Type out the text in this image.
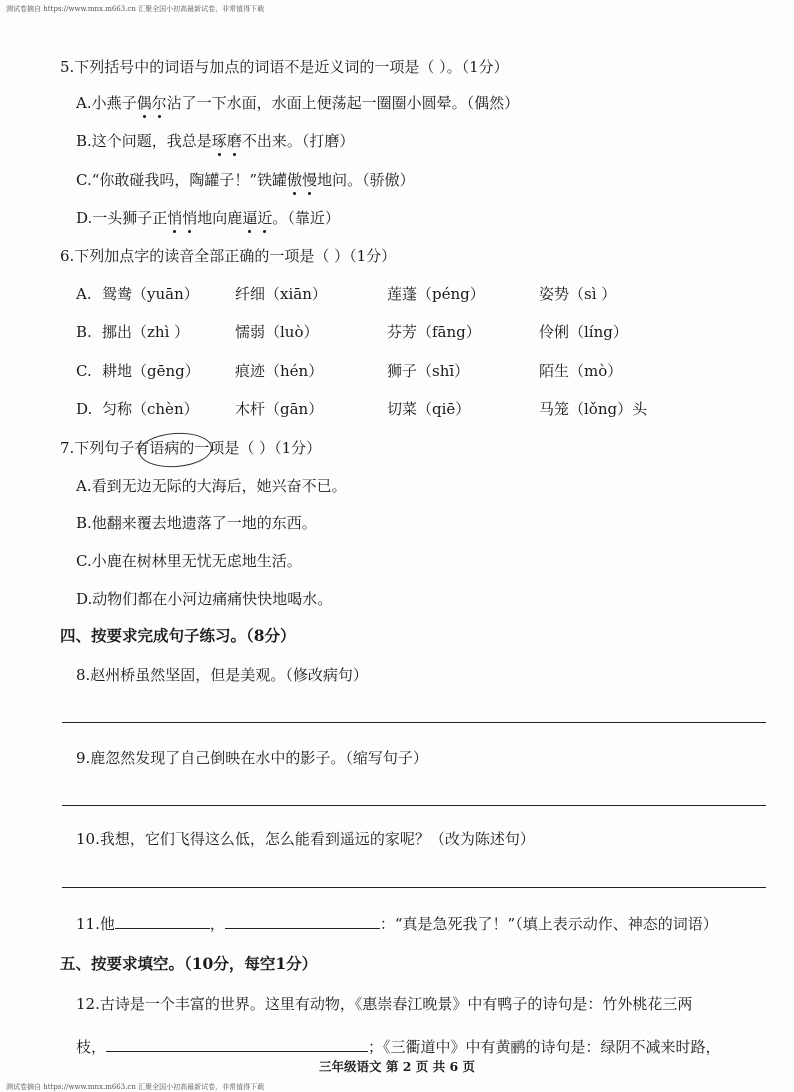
测试卷摘自 https://www.mnx.m663.cn 汇聚全国小初高最新试卷，非常值得下载
5.下列括号中的词语与加点的词语不是近义词的一项是（ ）。（1分）
A.小燕子偶尔沾了一下水面，水面上便荡起一圈圈小圆晕。（偶然）
B.这个问题，我总是琢磨不出来。（打磨）
C.“你敢碰我吗，陶罐子！”铁罐傲慢地问。（骄傲）
D.一头狮子正悄悄地向鹿逼近。（靠近）
6.下列加点字的读音全部正确的一项是（ ）（1分）
A. 鸳鸯（yuān） 纤细（xiān）	莲蓬（péng）	姿势（sì ）
B. 挪出（zhì ）	懦弱（luò）	芬芳（fāng）	伶俐（líng）
C. 耕地（gēng） 痕迹（hén）	狮子（shī）	陌生（mò）
D. 匀称（chèn） 木杆（gān）	切菜（qiē）	马笼（lǒng）头
7.下列句子有语病的一项是（ ）（1分）
A.看到无边无际的大海后，她兴奋不已。
B.他翻来覆去地遗落了一地的东西。
C.小鹿在树林里无忧无虑地生活。
D.动物们都在小河边痛痛快快地喝水。
四、按要求完成句子练习。（8分）
8.赵州桥虽然坚固，但是美观。（修改病句）
9.鹿忽然发现了自己倒映在水中的影子。（缩写句子）
10.我想，它们飞得这么低，怎么能看到遥远的家呢？（改为陈述句）
11.他	，	：“真是急死我了！”（填上表示动作、神态的词语）
五、按要求填空。（10分，每空1分）
12.古诗是一个丰富的世界。这里有动物，《惠崇春江晚景》中有鸭子的诗句是：竹外桃花三两
枝，	；《三衢道中》中有黄鹂的诗句是：绿阴不减来时路，
三年级语文 第 2 页 共 6 页
测试卷摘自 https://www.mnx.m663.cn 汇聚全国小初高最新试卷，非常值得下载
